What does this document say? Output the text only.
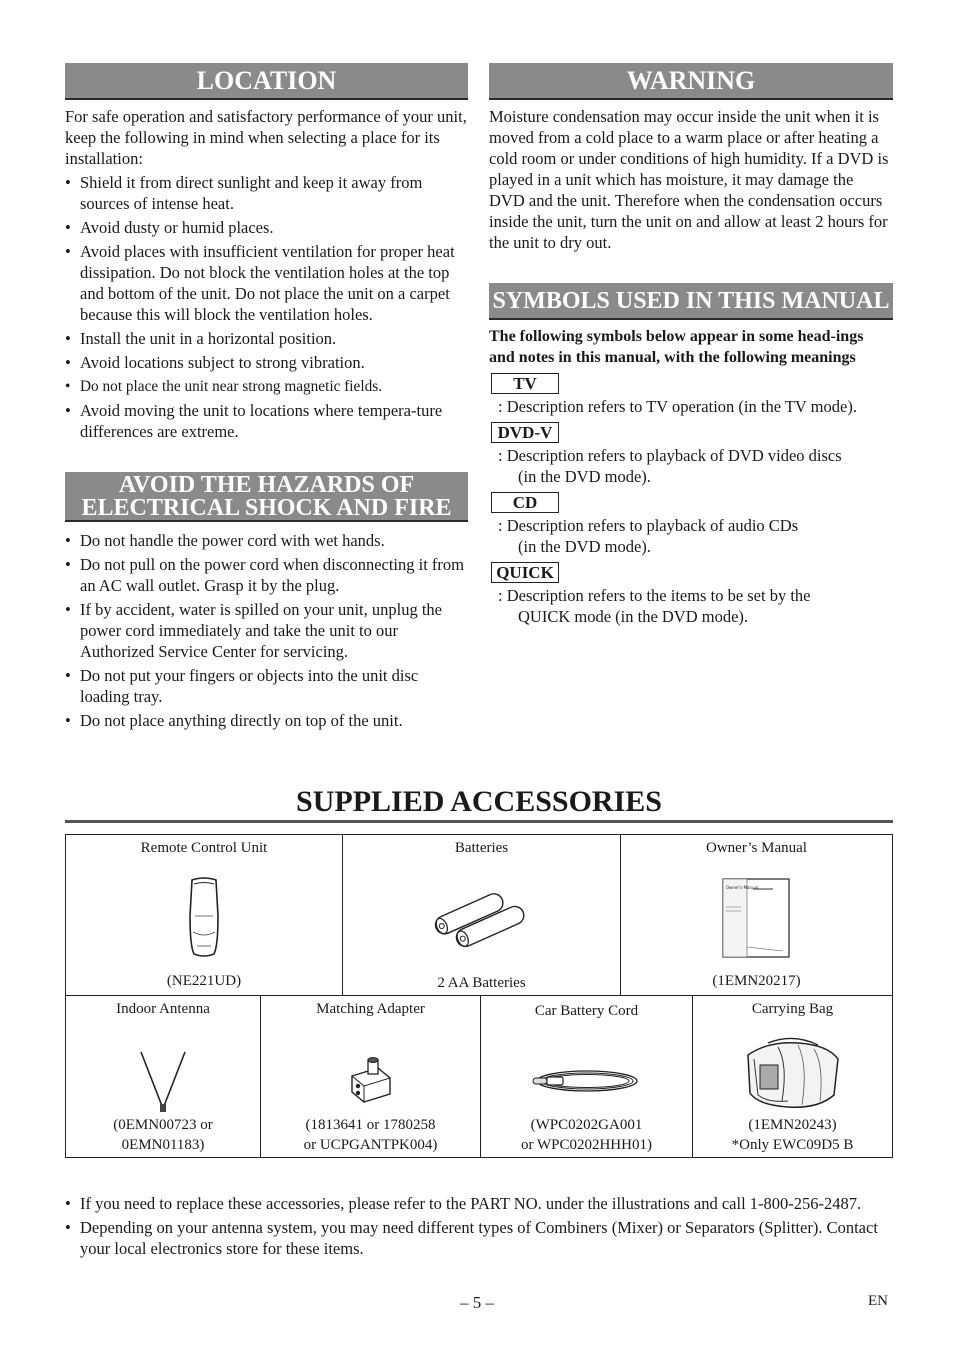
LOCATION

For safe operation and satisfactory performance of your unit, keep the following in mind when selecting a place for its installation:

• Shield it from direct sunlight and keep it away from sources of intense heat.
• Avoid dusty or humid places.
• Avoid places with insufficient ventilation for proper heat dissipation. Do not block the ventilation holes at the top and bottom of the unit. Do not place the unit on a carpet because this will block the ventilation holes.
• Install the unit in a horizontal position.
• Avoid locations subject to strong vibration.
• Do not place the unit near strong magnetic fields.
• Avoid moving the unit to locations where tempera-ture differences are extreme.
AVOID THE HAZARDS OF
ELECTRICAL SHOCK AND FIRE
• Do not handle the power cord with wet hands.
• Do not pull on the power cord when disconnecting it from an AC wall outlet. Grasp it by the plug.
• If by accident, water is spilled on your unit, unplug the power cord immediately and take the unit to our Authorized Service Center for servicing.
• Do not put your fingers or objects into the unit disc loading tray.
• Do not place anything directly on top of the unit.
WARNING

Moisture condensation may occur inside the unit when it is moved from a cold place to a warm place or after heating a cold room or under conditions of high humidity. If a DVD is played in a unit which has moisture, it may damage the DVD and the unit. Therefore when the condensation occurs inside the unit, turn the unit on and allow at least 2 hours for the unit to dry out.

SYMBOLS USED IN THIS MANUAL

The following symbols below appear in some head-ings and notes in this manual, with the following meanings

TV
: Description refers to TV operation (in the TV mode).
DVD-V
: Description refers to playback of DVD video discs
(in the DVD mode).
CD
: Description refers to playback of audio CDs
(in the DVD mode).
QUICK
: Description refers to the items to be set by the
QUICK mode (in the DVD mode).
SUPPLIED ACCESSORIES
Remote Control Unit
(NE221UD)
Batteries
2 AA Batteries
Owner’s Manual
Owner's Manual
(1EMN20217)
Indoor Antenna
(0EMN00723 or
0EMN01183)
Matching Adapter
(1813641 or 1780258
or UCPGANTPK004)
Car Battery Cord
(WPC0202GA001
or WPC0202HHH01)
Carrying Bag
(1EMN20243)
*Only EWC09D5 B
• If you need to replace these accessories, please refer to the PART NO. under the illustrations and call 1-800-256-2487.
• Depending on your antenna system, you may need different types of Combiners (Mixer) or Separators (Splitter). Contact your local electronics store for these items.
– 5 –	EN
